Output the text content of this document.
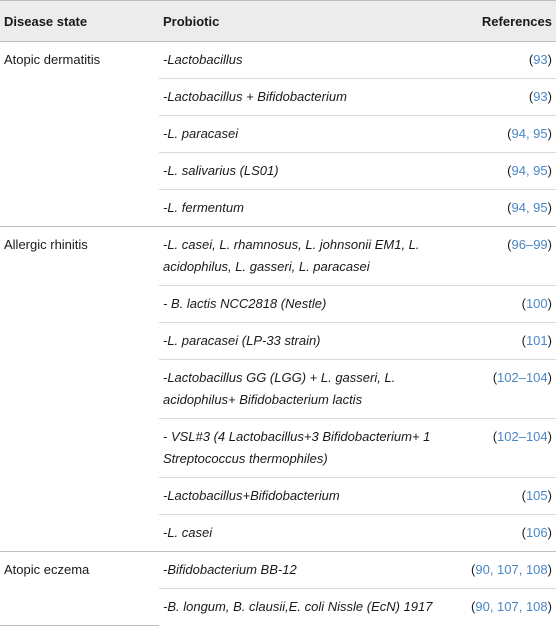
Disease state	Probiotic	References
Atopic dermatitis	-Lactobacillus	(93)
	-Lactobacillus + Bifidobacterium	(93)
	-L. paracasei	(94, 95)
	-L. salivarius (LS01)	(94, 95)
	-L. fermentum	(94, 95)
Allergic rhinitis	-L. casei, L. rhamnosus, L. johnsonii EM1, L. acidophilus, L. gasseri, L. paracasei	(96–99)
	- B. lactis NCC2818 (Nestle)	(100)
	-L. paracasei (LP-33 strain)	(101)
	-Lactobacillus GG (LGG) + L. gasseri, L. acidophilus+ Bifidobacterium lactis	(102–104)
	- VSL#3 (4 Lactobacillus+3 Bifidobacterium+ 1 Streptococcus thermophiles)	(102–104)
	-Lactobacillus+Bifidobacterium	(105)
	-L. casei	(106)
Atopic eczema	-Bifidobacterium BB-12	(90, 107, 108)
	-B. longum, B. clausii,E. coli Nissle (EcN) 1917	(90, 107, 108)
